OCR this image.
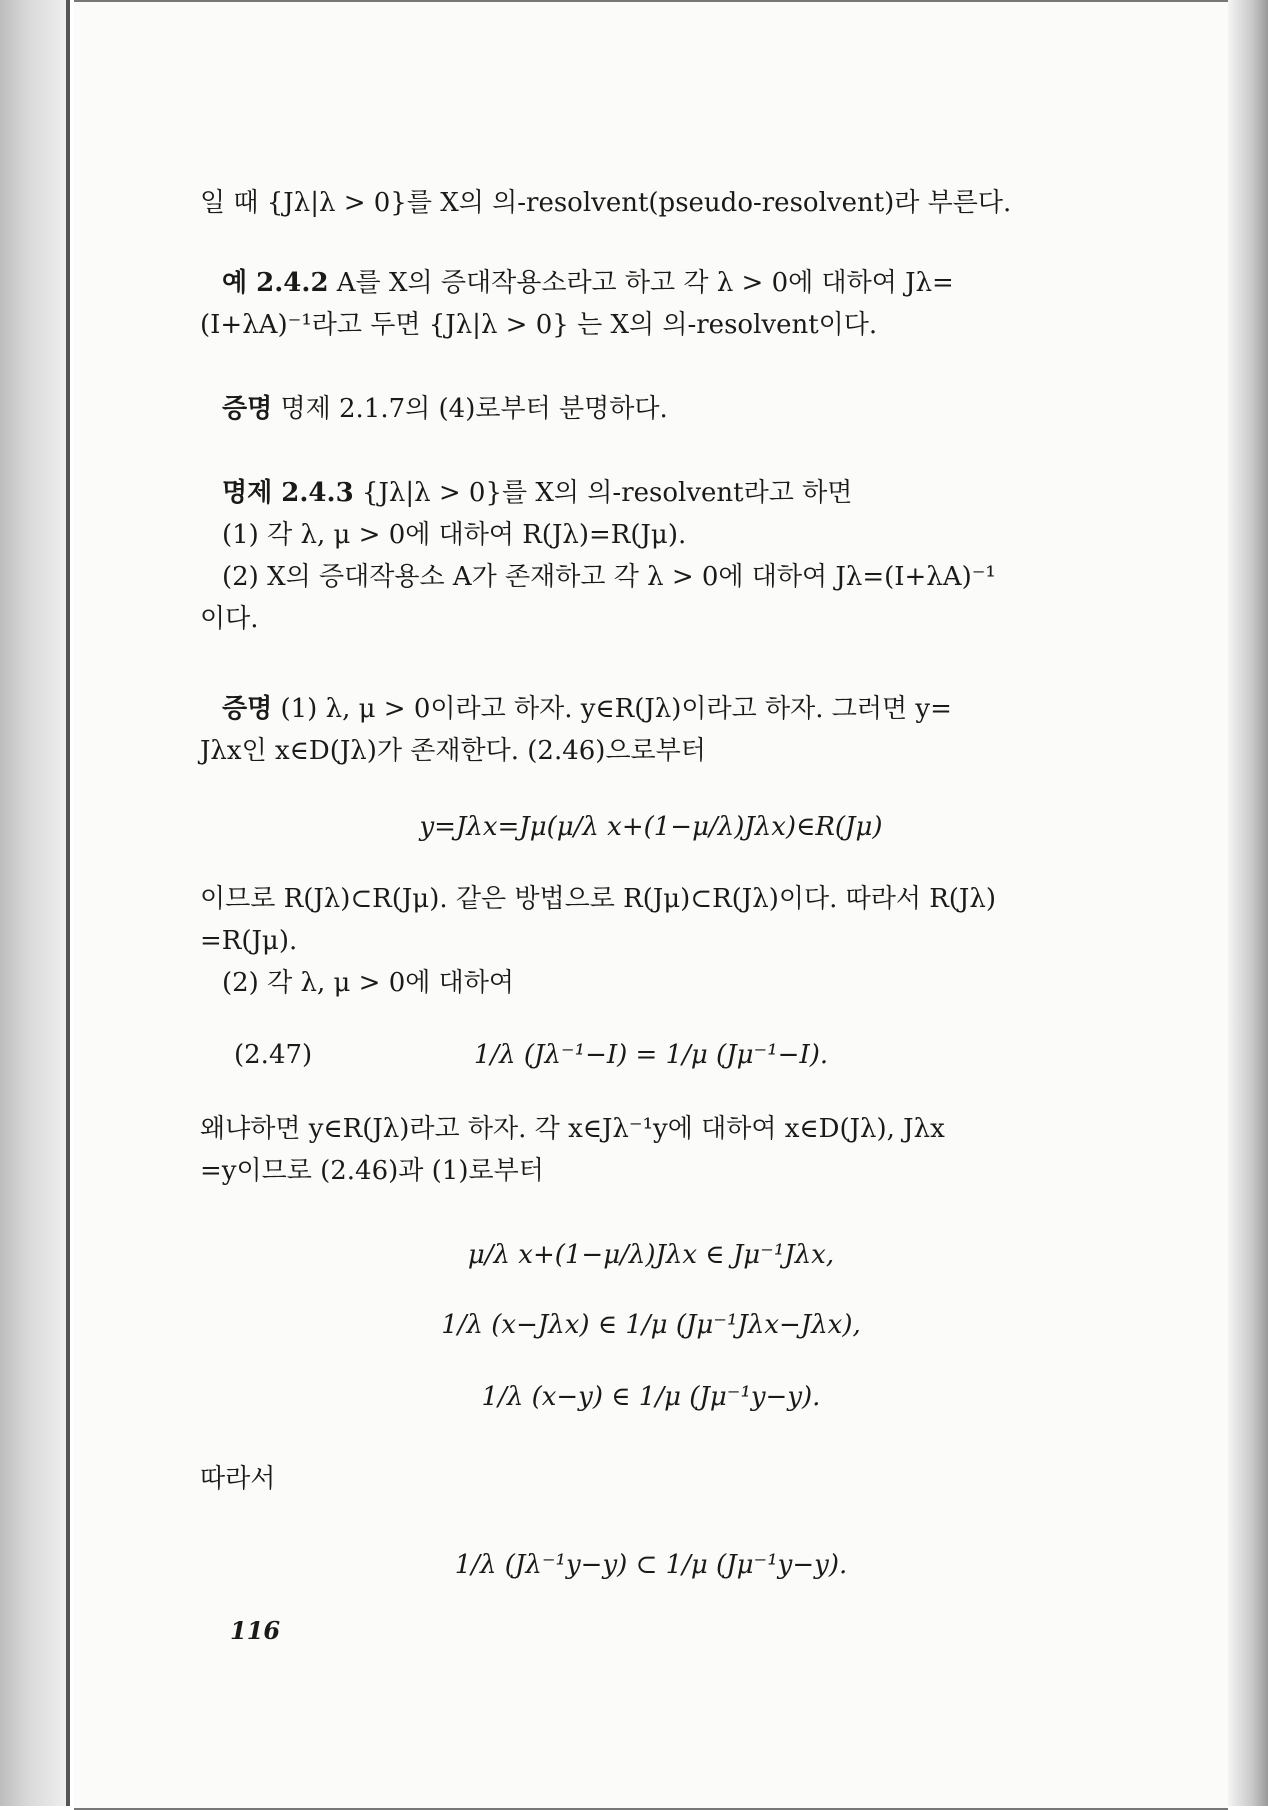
일 때 {Jλ|λ > 0}를 X의 의-resolvent(pseudo-resolvent)라 부른다.
예 2.4.2 A를 X의 증대작용소라고 하고 각 λ > 0에 대하여 Jλ=
(I+λA)⁻¹라고 두면 {Jλ|λ > 0} 는 X의 의-resolvent이다.
증명 명제 2.1.7의 (4)로부터 분명하다.
명제 2.4.3 {Jλ|λ > 0}를 X의 의-resolvent라고 하면
(1) 각 λ, μ > 0에 대하여 R(Jλ)=R(Jμ).
(2) X의 증대작용소 A가 존재하고 각 λ > 0에 대하여 Jλ=(I+λA)⁻¹
이다.
증명 (1) λ, μ > 0이라고 하자. y∈R(Jλ)이라고 하자. 그러면 y=
Jλx인 x∈D(Jλ)가 존재한다. (2.46)으로부터
y=Jλx=Jμ(μ/λ x+(1−μ/λ)Jλx)∈R(Jμ)
이므로 R(Jλ)⊂R(Jμ). 같은 방법으로 R(Jμ)⊂R(Jλ)이다. 따라서 R(Jλ)
=R(Jμ).
(2) 각 λ, μ > 0에 대하여
(2.47)	1/λ (Jλ⁻¹−I) = 1/μ (Jμ⁻¹−I).
왜냐하면 y∈R(Jλ)라고 하자. 각 x∈Jλ⁻¹y에 대하여 x∈D(Jλ), Jλx
=y이므로 (2.46)과 (1)로부터
μ/λ x+(1−μ/λ)Jλx ∈ Jμ⁻¹Jλx,
1/λ (x−Jλx) ∈ 1/μ (Jμ⁻¹Jλx−Jλx),
1/λ (x−y) ∈ 1/μ (Jμ⁻¹y−y).
따라서
1/λ (Jλ⁻¹y−y) ⊂ 1/μ (Jμ⁻¹y−y).
116
